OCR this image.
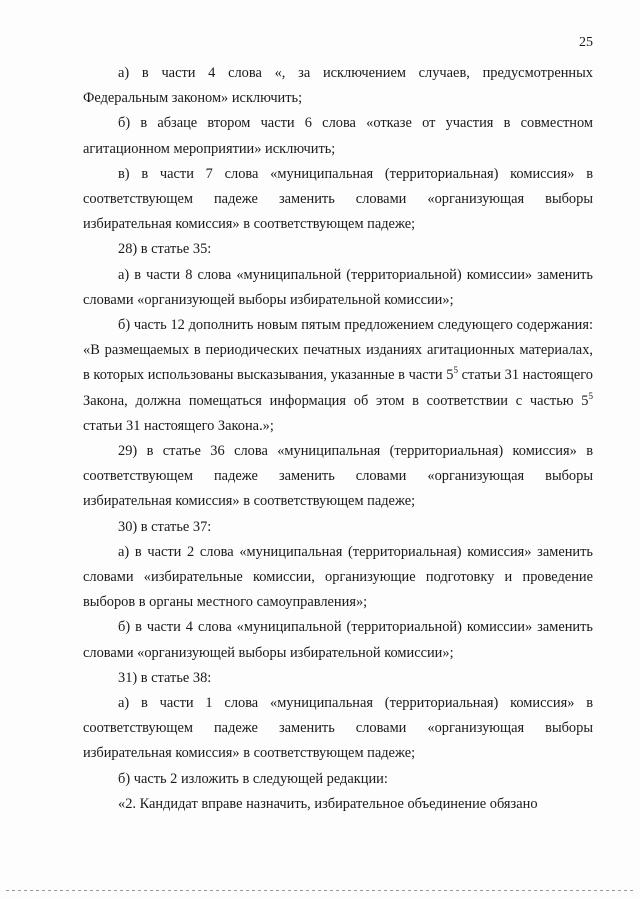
25

а) в части 4 слова «, за исключением случаев, предусмотренных Федеральным законом» исключить;

б) в абзаце втором части 6 слова «отказе от участия в совместном агитационном мероприятии» исключить;

в) в части 7 слова «муниципальная (территориальная) комиссия» в соответствующем падеже заменить словами «организующая выборы избирательная комиссия» в соответствующем падеже;

28) в статье 35:

а) в части 8 слова «муниципальной (территориальной) комиссии» заменить словами «организующей выборы избирательной комиссии»;

б) часть 12 дополнить новым пятым предложением следующего содержания: «В размещаемых в периодических печатных изданиях агитационных материалах, в которых использованы высказывания, указанные в части $5^5$ статьи 31 настоящего Закона, должна помещаться информация об этом в соответствии с частью $5^5$ статьи 31 настоящего Закона.»;

29) в статье 36 слова «муниципальная (территориальная) комиссия» в соответствующем падеже заменить словами «организующая выборы избирательная комиссия» в соответствующем падеже;

30) в статье 37:

а) в части 2 слова «муниципальная (территориальная) комиссия» заменить словами «избирательные комиссии, организующие подготовку и проведение выборов в органы местного самоуправления»;

б) в части 4 слова «муниципальной (территориальной) комиссии» заменить словами «организующей выборы избирательной комиссии»;

31) в статье 38:

а) в части 1 слова «муниципальная (территориальная) комиссия» в соответствующем падеже заменить словами «организующая выборы избирательная комиссия» в соответствующем падеже;

б) часть 2 изложить в следующей редакции:

«2. Кандидат вправе назначить, избирательное объединение обязано
